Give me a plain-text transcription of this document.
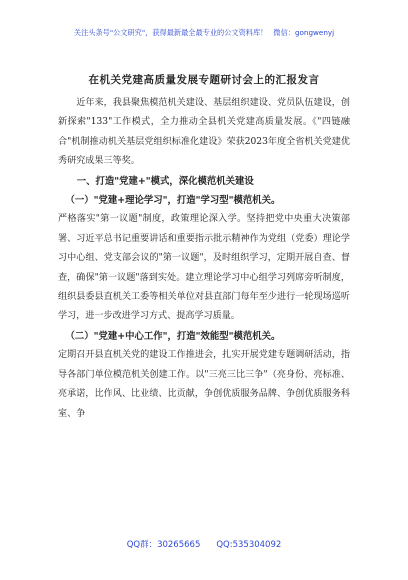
关注头条号"公文研究"，获得最新最全最专业的公文资料库！ 微信：gongwenyj
在机关党建高质量发展专题研讨会上的汇报发言

近年来，我县聚焦模范机关建设、基层组织建设、党员队伍建设，创新探索"133"工作模式，全力推动全县机关党建高质量发展。《"四链融合"机制推动机关基层党组织标准化建设》荣获2023年度全省机关党建优秀研究成果三等奖。

一、打造"党建+"模式，深化模范机关建设

（一）"党建+理论学习"，打造"学习型"模范机关。

严格落实"第一议题"制度，政策理论深入学。坚持把党中央重大决策部署、习近平总书记重要讲话和重要指示批示精神作为党组（党委）理论学习中心组、党支部会议的"第一议题"，及时组织学习，定期开展自查、督查，确保"第一议题"落到实处。建立理论学习中心组学习列席旁听制度，组织县委县直机关工委等相关单位对县直部门每年至少进行一轮现场巡听学习，进一步改进学习方式、提高学习质量。

（二）"党建+中心工作"，打造"效能型"模范机关。

定期召开县直机关党的建设工作推进会，扎实开展党建专题调研活动，指导各部门单位模范机关创建工作。以"三亮三比三争"（亮身份、亮标准、亮承诺，比作风、比业绩、比贡献，争创优质服务品牌、争创优质服务科室、争

QQ群：30265665 QQ:535304092
